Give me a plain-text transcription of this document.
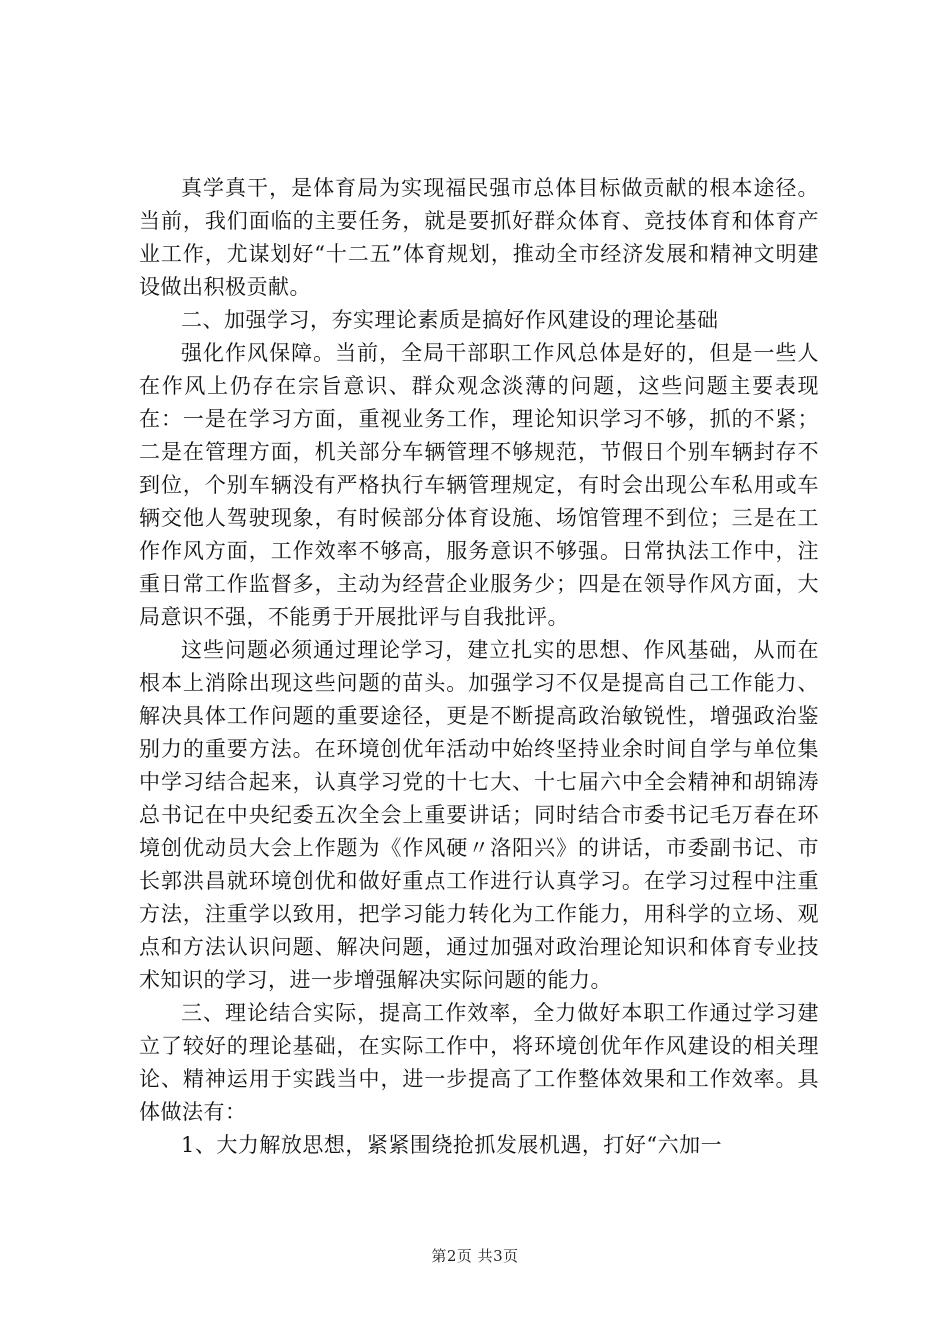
真学真干，是体育局为实现福民强市总体目标做贡献的根本途径。当前，我们面临的主要任务，就是要抓好群众体育、竞技体育和体育产业工作，尤谋划好“十二五”体育规划，推动全市经济发展和精神文明建设做出积极贡献。

二、加强学习，夯实理论素质是搞好作风建设的理论基础

强化作风保障。当前，全局干部职工作风总体是好的，但是一些人在作风上仍存在宗旨意识、群众观念淡薄的问题，这些问题主要表现在：一是在学习方面，重视业务工作，理论知识学习不够，抓的不紧；二是在管理方面，机关部分车辆管理不够规范，节假日个别车辆封存不到位，个别车辆没有严格执行车辆管理规定，有时会出现公车私用或车辆交他人驾驶现象，有时候部分体育设施、场馆管理不到位；三是在工作作风方面，工作效率不够高，服务意识不够强。日常执法工作中，注重日常工作监督多，主动为经营企业服务少；四是在领导作风方面，大局意识不强，不能勇于开展批评与自我批评。

这些问题必须通过理论学习，建立扎实的思想、作风基础，从而在根本上消除出现这些问题的苗头。加强学习不仅是提高自己工作能力、解决具体工作问题的重要途径，更是不断提高政治敏锐性，增强政治鉴别力的重要方法。在环境创优年活动中始终坚持业余时间自学与单位集中学习结合起来，认真学习党的十七大、十七届六中全会精神和胡锦涛总书记在中央纪委五次全会上重要讲话；同时结合市委书记毛万春在环境创优动员大会上作题为《作风硬〃洛阳兴》的讲话，市委副书记、市长郭洪昌就环境创优和做好重点工作进行认真学习。在学习过程中注重方法，注重学以致用，把学习能力转化为工作能力，用科学的立场、观点和方法认识问题、解决问题，通过加强对政治理论知识和体育专业技术知识的学习，进一步增强解决实际问题的能力。

三、理论结合实际，提高工作效率，全力做好本职工作通过学习建立了较好的理论基础，在实际工作中，将环境创优年作风建设的相关理论、精神运用于实践当中，进一步提高了工作整体效果和工作效率。具体做法有：

1、大力解放思想，紧紧围绕抢抓发展机遇，打好“六加一

第2页 共3页
